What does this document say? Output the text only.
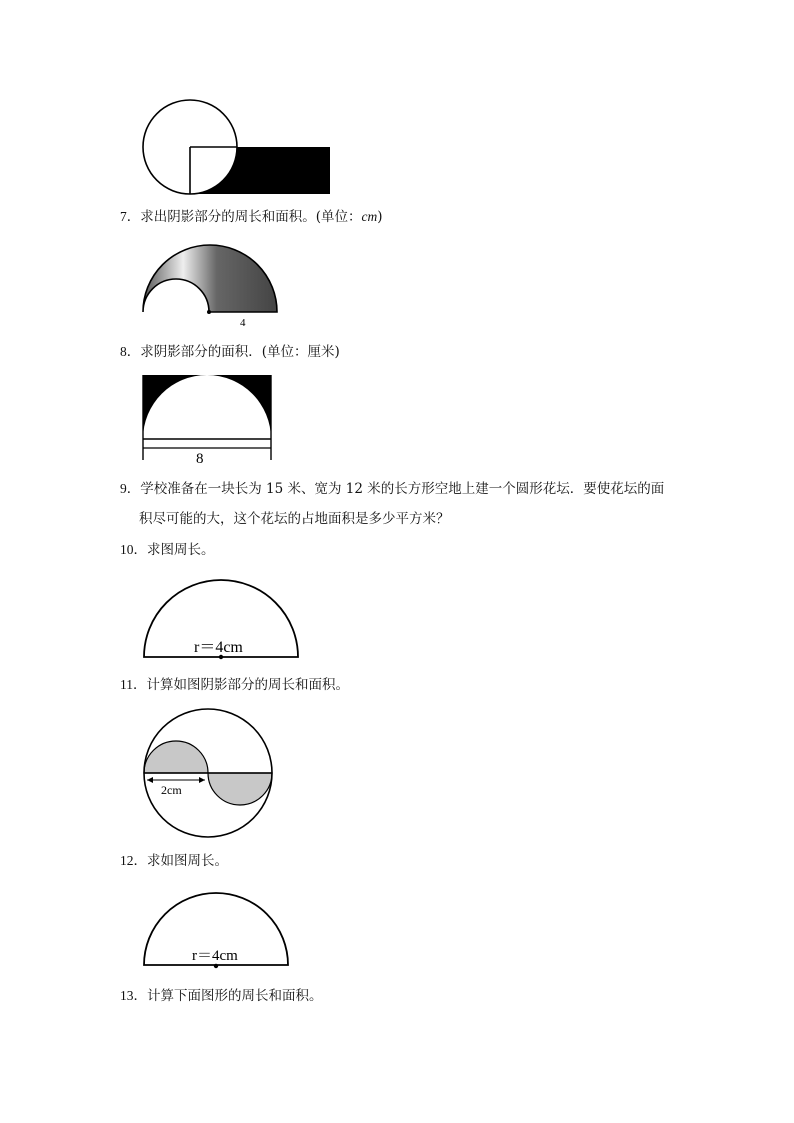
7．求出阴影部分的周长和面积。(单位：cm)
4
8．求阴影部分的面积．(单位：厘米)
8
9．学校准备在一块长为 15 米、宽为 12 米的长方形空地上建一个圆形花坛．要使花坛的面
积尽可能的大，这个花坛的占地面积是多少平方米？
10．求图周长。
r＝4cm
11．计算如图阴影部分的周长和面积。
2cm
12．求如图周长。
r＝4cm
13．计算下面图形的周长和面积。
